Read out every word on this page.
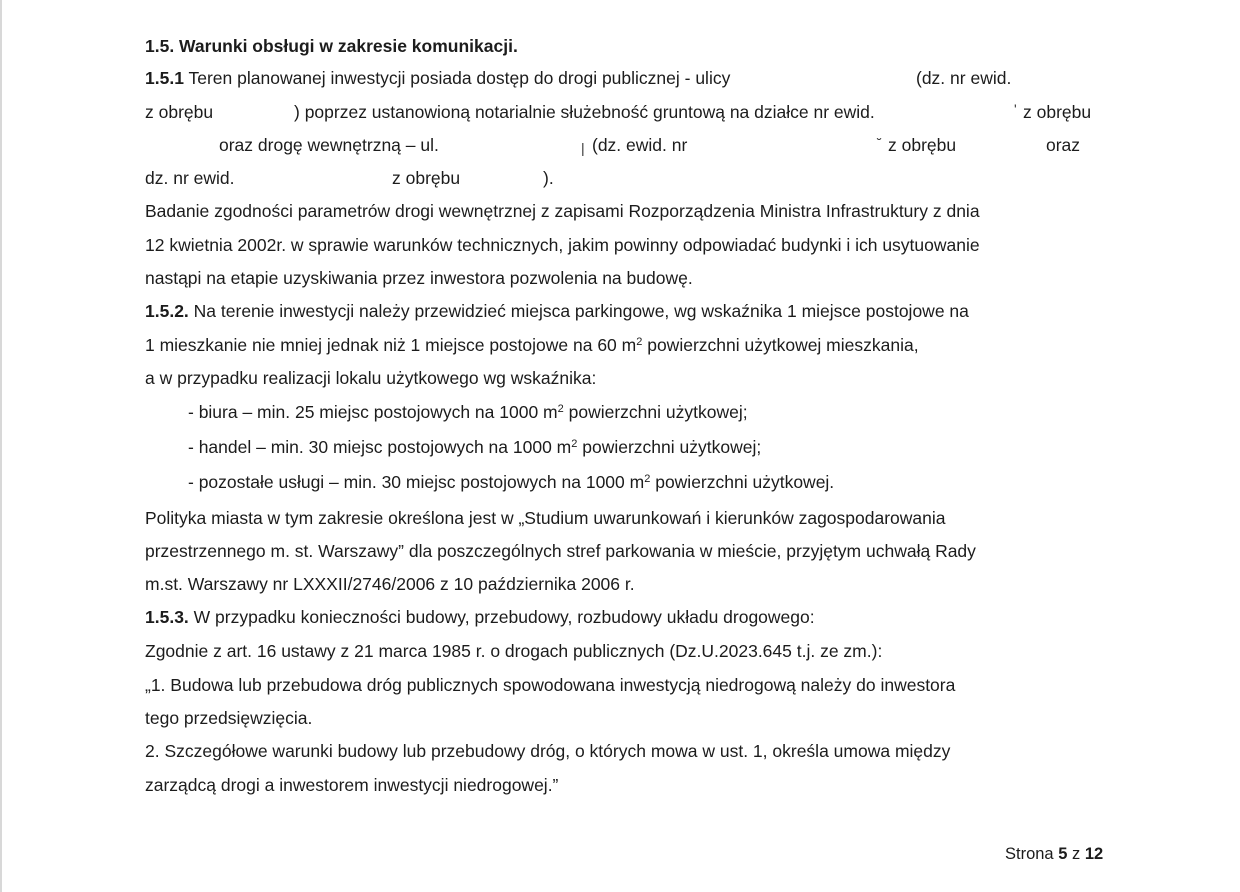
1.5. Warunki obsługi w zakresie komunikacji.
1.5.1 Teren planowanej inwestycji posiada dostęp do drogi publicznej - ulicy	(dz. nr ewid.
z obrębu	) poprzez ustanowioną notarialnie służebność gruntową na działce nr ewid.	' z obrębu
oraz drogę wewnętrzną – ul.	| (dz. ewid. nr	˘ z obrębu	oraz
dz. nr ewid.	z obrębu	).
Badanie zgodności parametrów drogi wewnętrznej z zapisami Rozporządzenia Ministra Infrastruktury z dnia
12 kwietnia 2002r. w sprawie warunków technicznych, jakim powinny odpowiadać budynki i ich usytuowanie
nastąpi na etapie uzyskiwania przez inwestora pozwolenia na budowę.
1.5.2. Na terenie inwestycji należy przewidzieć miejsca parkingowe, wg wskaźnika 1 miejsce postojowe na
1 mieszkanie nie mniej jednak niż 1 miejsce postojowe na 60 $m^2$ powierzchni użytkowej mieszkania,
a w przypadku realizacji lokalu użytkowego wg wskaźnika:
- biura – min. 25 miejsc postojowych na 1000 $m^2$ powierzchni użytkowej;
- handel – min. 30 miejsc postojowych na 1000 $m^2$ powierzchni użytkowej;
- pozostałe usługi – min. 30 miejsc postojowych na 1000 $m^2$ powierzchni użytkowej.
Polityka miasta w tym zakresie określona jest w „Studium uwarunkowań i kierunków zagospodarowania
przestrzennego m. st. Warszawy” dla poszczególnych stref parkowania w mieście, przyjętym uchwałą Rady
m.st. Warszawy nr LXXXII/2746/2006 z 10 października 2006 r.
1.5.3. W przypadku konieczności budowy, przebudowy, rozbudowy układu drogowego:
Zgodnie z art. 16 ustawy z 21 marca 1985 r. o drogach publicznych (Dz.U.2023.645 t.j. ze zm.):
„1. Budowa lub przebudowa dróg publicznych spowodowana inwestycją niedrogową należy do inwestora
tego przedsięwzięcia.
2. Szczegółowe warunki budowy lub przebudowy dróg, o których mowa w ust. 1, określa umowa między
zarządcą drogi a inwestorem inwestycji niedrogowej.”
Strona 5 z 12
